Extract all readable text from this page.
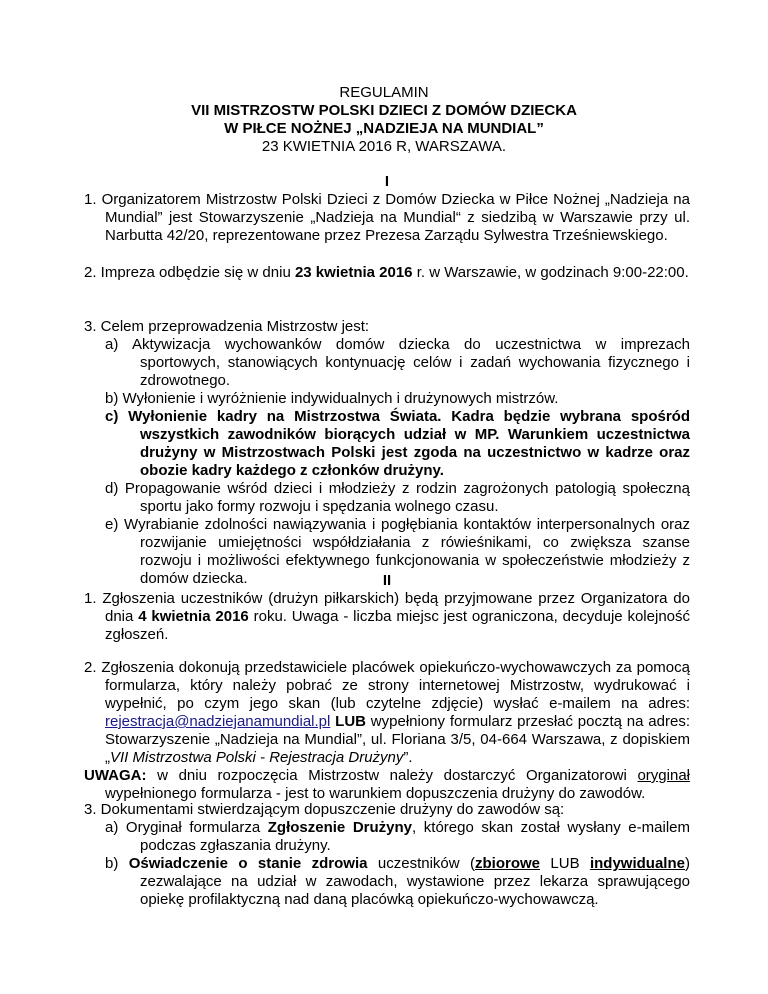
REGULAMIN
VII MISTRZOSTW POLSKI DZIECI Z DOMÓW DZIECKA
W PIŁCE NOŻNEJ „NADZIEJA NA MUNDIAL”
23 KWIETNIA 2016 R, WARSZAWA.
I
1. Organizatorem Mistrzostw Polski Dzieci z Domów Dziecka w Piłce Nożnej „Nadzieja na Mundial” jest Stowarzyszenie „Nadzieja na Mundial“ z siedzibą w Warszawie przy ul. Narbutta 42/20, reprezentowane przez Prezesa Zarządu Sylwestra Trześniewskiego.
2. Impreza odbędzie się w dniu 23 kwietnia 2016 r. w Warszawie, w godzinach 9:00-22:00.
3. Celem przeprowadzenia Mistrzostw jest:
a) Aktywizacja wychowanków domów dziecka do uczestnictwa w imprezach sportowych, stanowiących kontynuację celów i zadań wychowania fizycznego i zdrowotnego.
b) Wyłonienie i wyróżnienie indywidualnych i drużynowych mistrzów.
c) Wyłonienie kadry na Mistrzostwa Świata. Kadra będzie wybrana spośród wszystkich zawodników biorących udział w MP. Warunkiem uczestnictwa drużyny w Mistrzostwach Polski jest zgoda na uczestnictwo w kadrze oraz obozie kadry każdego z członków drużyny.
d) Propagowanie wśród dzieci i młodzieży z rodzin zagrożonych patologią społeczną sportu jako formy rozwoju i spędzania wolnego czasu.
e) Wyrabianie zdolności nawiązywania i pogłębiania kontaktów interpersonalnych oraz rozwijanie umiejętności współdziałania z rówieśnikami, co zwiększa szanse rozwoju i możliwości efektywnego funkcjonowania w społeczeństwie młodzieży z domów dziecka.	II
1. Zgłoszenia uczestników (drużyn piłkarskich) będą przyjmowane przez Organizatora do dnia 4 kwietnia 2016 roku. Uwaga - liczba miejsc jest ograniczona, decyduje kolejność zgłoszeń.
2. Zgłoszenia dokonują przedstawiciele placówek opiekuńczo-wychowawczych za pomocą formularza, który należy pobrać ze strony internetowej Mistrzostw, wydrukować i wypełnić, po czym jego skan (lub czytelne zdjęcie) wysłać e-mailem na adres: rejestracja@nadziejanamundial.pl LUB wypełniony formularz przesłać pocztą na adres: Stowarzyszenie „Nadzieja na Mundial”, ul. Floriana 3/5, 04-664 Warszawa, z dopiskiem „VII Mistrzostwa Polski - Rejestracja Drużyny”.
UWAGA: w dniu rozpoczęcia Mistrzostw należy dostarczyć Organizatorowi oryginał wypełnionego formularza - jest to warunkiem dopuszczenia drużyny do zawodów.
3. Dokumentami stwierdzającym dopuszczenie drużyny do zawodów są:
a) Oryginał formularza Zgłoszenie Drużyny, którego skan został wysłany e-mailem podczas zgłaszania drużyny.
b) Oświadczenie o stanie zdrowia uczestników (zbiorowe LUB indywidualne) zezwalające na udział w zawodach, wystawione przez lekarza sprawującego opiekę profilaktyczną nad daną placówką opiekuńczo-wychowawczą.
